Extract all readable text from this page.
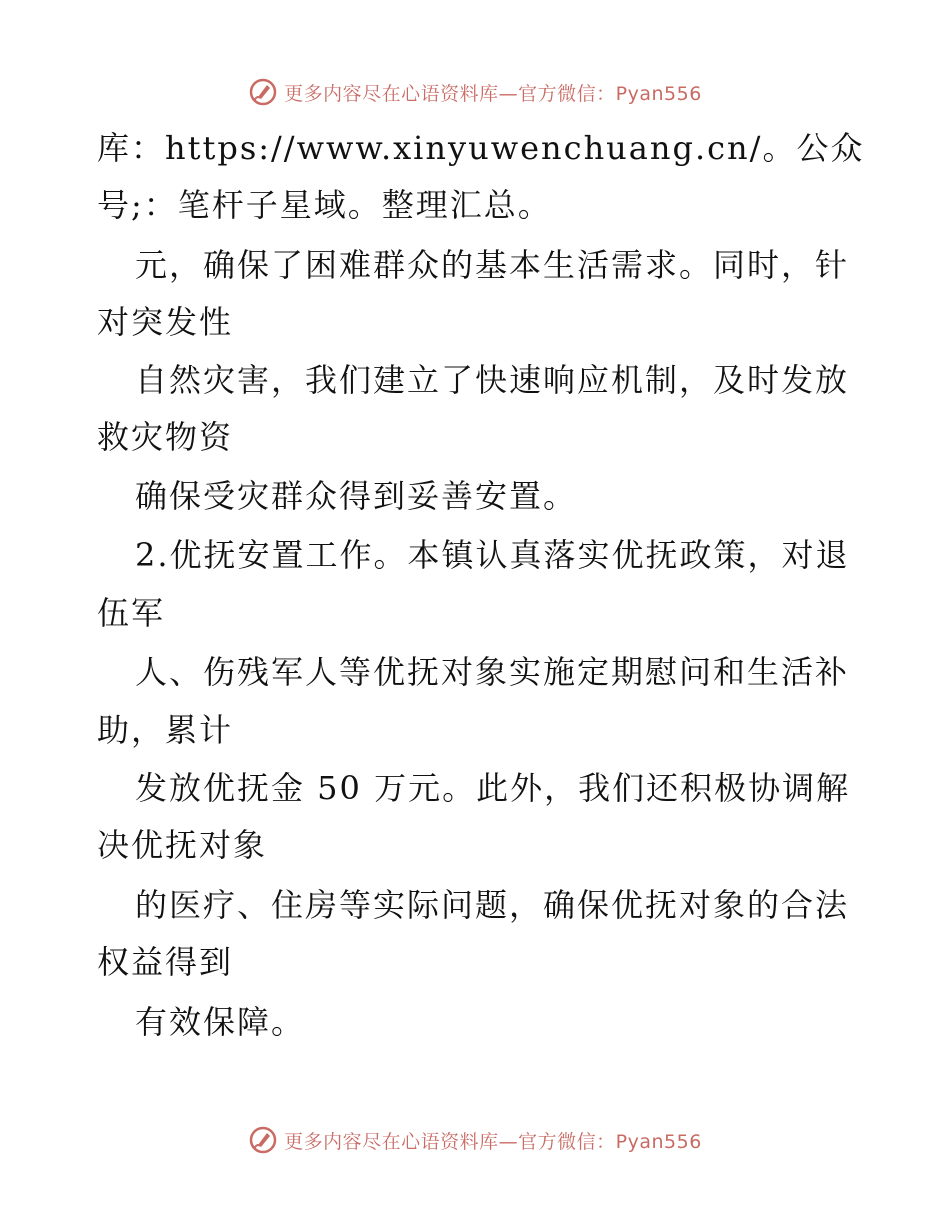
更多内容尽在心语资料库—官方微信：Pyan556
库：https://www.xinyuwenchuang.cn/。公众
号;：笔杆子星域。整理汇总。
元，确保了困难群众的基本生活需求。同时，针
对突发性
自然灾害，我们建立了快速响应机制，及时发放
救灾物资
确保受灾群众得到妥善安置。
2.优抚安置工作。本镇认真落实优抚政策，对退
伍军
人、伤残军人等优抚对象实施定期慰问和生活补
助，累计
发放优抚金 50 万元。此外，我们还积极协调解
决优抚对象
的医疗、住房等实际问题，确保优抚对象的合法
权益得到
有效保障。
更多内容尽在心语资料库—官方微信：Pyan556
